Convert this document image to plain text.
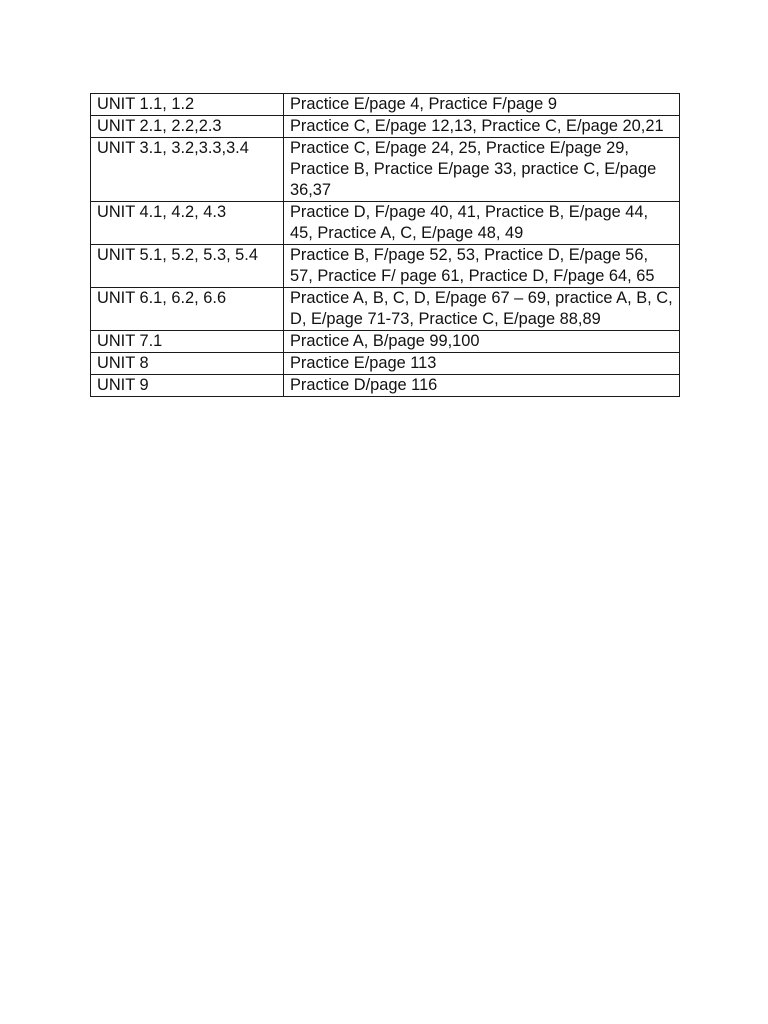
UNIT 1.1, 1.2	Practice E/page 4, Practice F/page 9
UNIT 2.1, 2.2,2.3	Practice C, E/page 12,13, Practice C, E/page 20,21
UNIT 3.1, 3.2,3.3,3.4	Practice C, E/page 24, 25, Practice E/page 29, Practice B, Practice E/page 33, practice C, E/page 36,37
UNIT 4.1, 4.2, 4.3	Practice D, F/page 40, 41, Practice B, E/page 44, 45, Practice A, C, E/page 48, 49
UNIT 5.1, 5.2, 5.3, 5.4	Practice B, F/page 52, 53, Practice D, E/page 56, 57, Practice F/ page 61, Practice D, F/page 64, 65
UNIT 6.1, 6.2, 6.6	Practice A, B, C, D, E/page 67 – 69, practice A, B, C, D, E/page 71-73, Practice C, E/page 88,89
UNIT 7.1	Practice A, B/page 99,100
UNIT 8	Practice E/page 113
UNIT 9	Practice D/page 116
